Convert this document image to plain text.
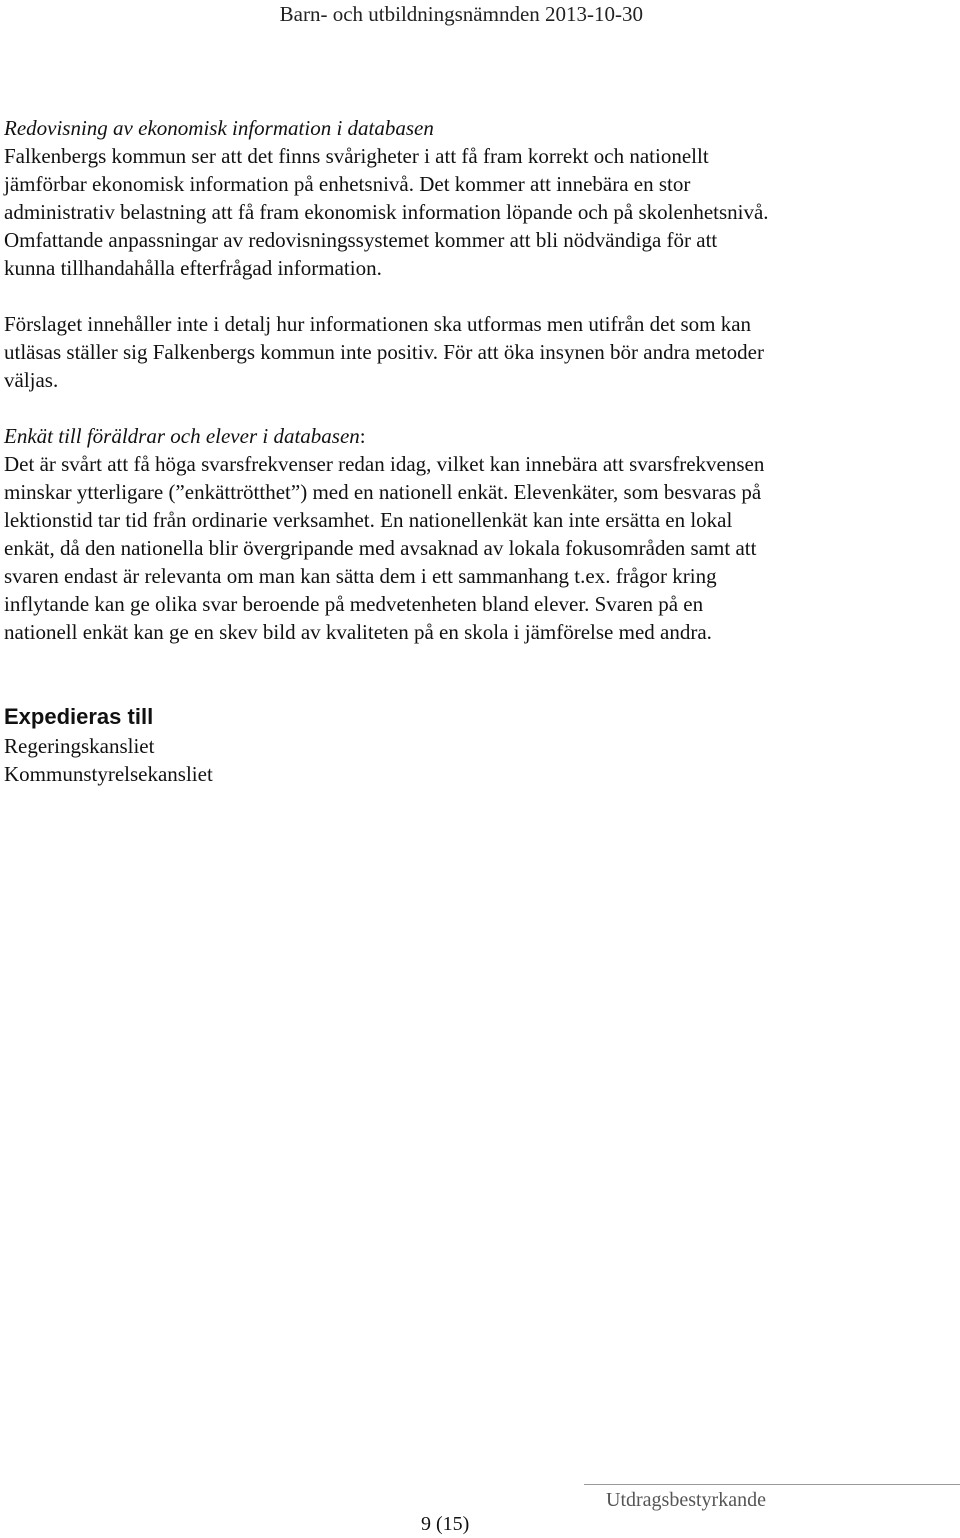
Barn- och utbildningsnämnden 2013-10-30
Redovisning av ekonomisk information i databasen
Falkenbergs kommun ser att det finns svårigheter i att få fram korrekt och nationellt
jämförbar ekonomisk information på enhetsnivå. Det kommer att innebära en stor
administrativ belastning att få fram ekonomisk information löpande och på skolenhetsnivå.
Omfattande anpassningar av redovisningssystemet kommer att bli nödvändiga för att
kunna tillhandahålla efterfrågad information.
Förslaget innehåller inte i detalj hur informationen ska utformas men utifrån det som kan
utläsas ställer sig Falkenbergs kommun inte positiv. För att öka insynen bör andra metoder
väljas.
Enkät till föräldrar och elever i databasen:
Det är svårt att få höga svarsfrekvenser redan idag, vilket kan innebära att svarsfrekvensen
minskar ytterligare (”enkättrötthet”) med en nationell enkät. Elevenkäter, som besvaras på
lektionstid tar tid från ordinarie verksamhet. En nationellenkät kan inte ersätta en lokal
enkät, då den nationella blir övergripande med avsaknad av lokala fokusområden samt att
svaren endast är relevanta om man kan sätta dem i ett sammanhang t.ex. frågor kring
inflytande kan ge olika svar beroende på medvetenheten bland elever. Svaren på en
nationell enkät kan ge en skev bild av kvaliteten på en skola i jämförelse med andra.
Expedieras till
Regeringskansliet
Kommunstyrelsekansliet
Utdragsbestyrkande
9 (15)
